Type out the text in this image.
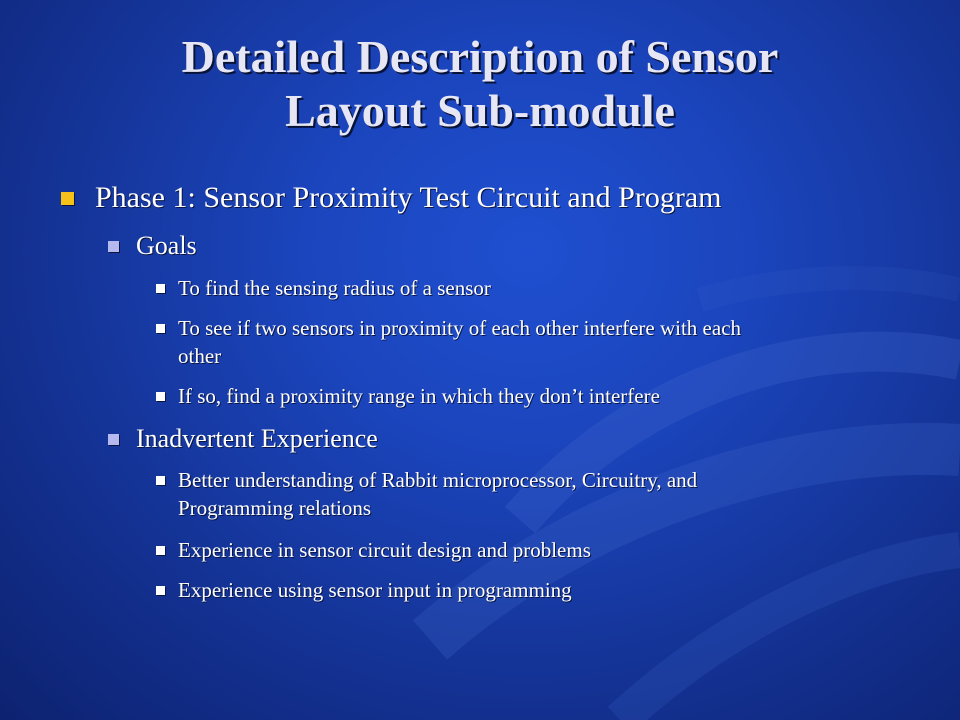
Detailed Description of Sensor
Layout Sub-module
Phase 1: Sensor Proximity Test Circuit and Program
Goals
To find the sensing radius of a sensor
To see if two sensors in proximity of each other interfere with each
other
If so, find a proximity range in which they don’t interfere
Inadvertent Experience
Better understanding of Rabbit microprocessor, Circuitry, and
Programming relations
Experience in sensor circuit design and problems
Experience using sensor input in programming
